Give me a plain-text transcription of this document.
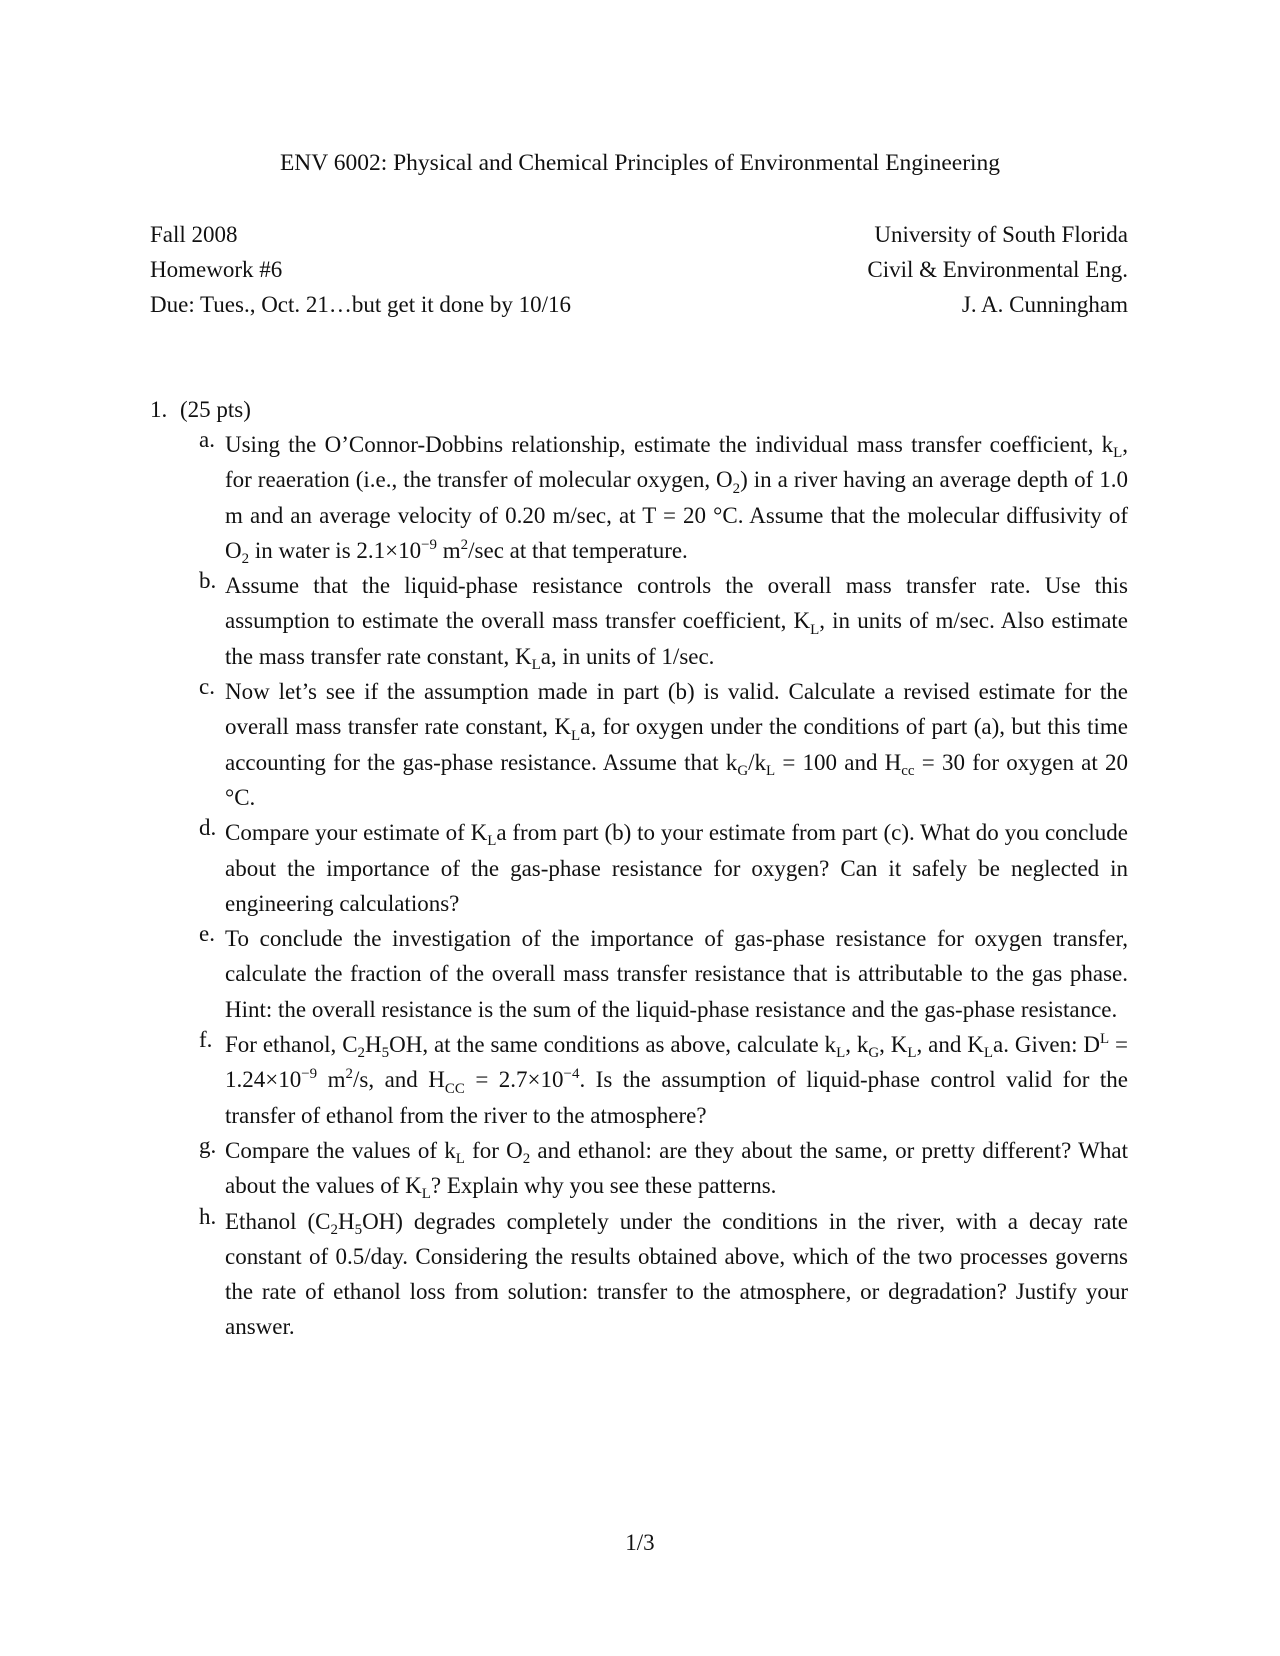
ENV 6002: Physical and Chemical Principles of Environmental Engineering
Fall 2008
Homework #6
Due: Tues., Oct. 21…but get it done by 10/16
University of South Florida
Civil & Environmental Eng.
J. A. Cunningham
1. (25 pts)
a. Using the O’Connor-Dobbins relationship, estimate the individual mass transfer coefficient, $k_L$, for reaeration (i.e., the transfer of molecular oxygen, $O_2$) in a river having an average depth of 1.0 m and an average velocity of 0.20 m/sec, at T = 20 °C. Assume that the molecular diffusivity of $O_2$ in water is $2.1\times 10^{-9}$ $m^2/\sec$ at that temperature.
b. Assume that the liquid-phase resistance controls the overall mass transfer rate. Use this assumption to estimate the overall mass transfer coefficient, $K_L$, in units of m/sec. Also estimate the mass transfer rate constant, $K_La$, in units of 1/sec.
c. Now let’s see if the assumption made in part (b) is valid. Calculate a revised estimate for the overall mass transfer rate constant, $K_La$, for oxygen under the conditions of part (a), but this time accounting for the gas-phase resistance. Assume that $k_G/k_L = 100$ and $H_{cc} = 30$ for oxygen at 20 °C.
d. Compare your estimate of $K_La$ from part (b) to your estimate from part (c). What do you conclude about the importance of the gas-phase resistance for oxygen? Can it safely be neglected in engineering calculations?
e. To conclude the investigation of the importance of gas-phase resistance for oxygen transfer, calculate the fraction of the overall mass transfer resistance that is attributable to the gas phase. Hint: the overall resistance is the sum of the liquid-phase resistance and the gas-phase resistance.
f. For ethanol, $C_2H_5OH$, at the same conditions as above, calculate $k_L$, $k_G$, $K_L$, and $K_La$. Given: $D^L = 1.24\times 10^{-9}$ $m^2/s$, and $H_{CC} = 2.7\times 10^{-4}$. Is the assumption of liquid-phase control valid for the transfer of ethanol from the river to the atmosphere?
g. Compare the values of $k_L$ for $O_2$ and ethanol: are they about the same, or pretty different? What about the values of $K_L$? Explain why you see these patterns.
h. Ethanol $(C_2H_5OH)$ degrades completely under the conditions in the river, with a decay rate constant of 0.5/day. Considering the results obtained above, which of the two processes governs the rate of ethanol loss from solution: transfer to the atmosphere, or degradation? Justify your answer.
1/3
